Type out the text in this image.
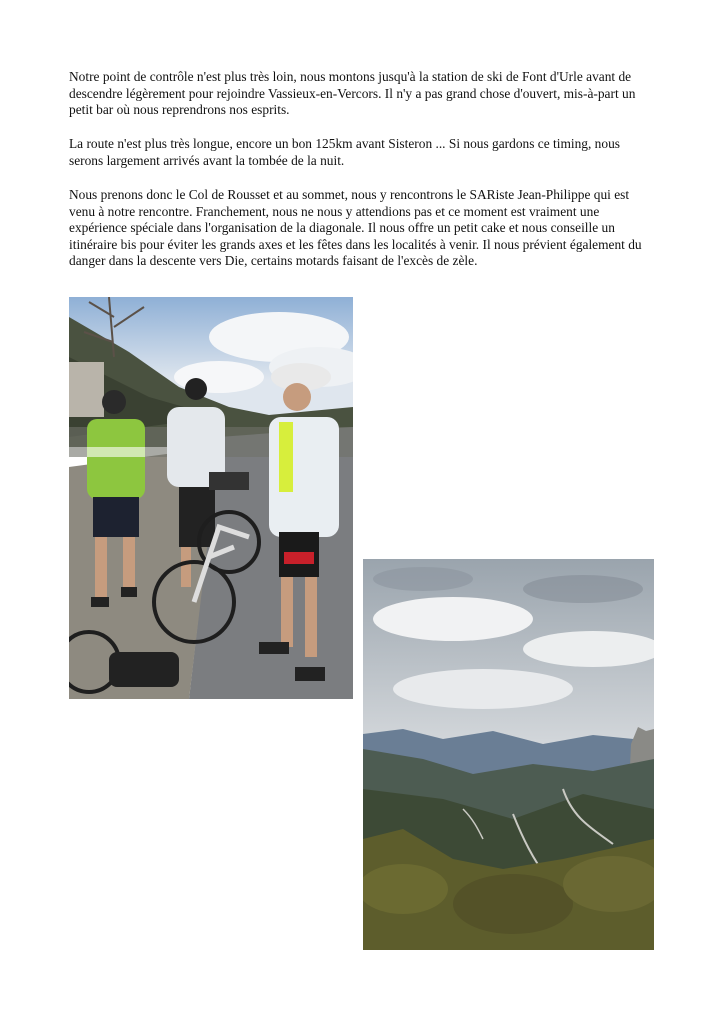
Notre point de contrôle n'est plus très loin, nous montons jusqu'à la station de ski de Font d'Urle avant de descendre légèrement pour rejoindre Vassieux-en-Vercors. Il n'y a pas grand chose d'ouvert, mis-à-part un petit bar où nous reprendrons nos esprits.
La route n'est plus très longue, encore un bon 125km avant Sisteron ... Si nous gardons ce timing, nous serons largement arrivés avant la tombée de la nuit.
Nous prenons donc le Col de Rousset et au sommet, nous y rencontrons le SARiste Jean-Philippe qui est venu à notre rencontre. Franchement, nous ne nous y attendions pas et ce moment est vraiment une expérience spéciale dans l'organisation de la diagonale. Il nous offre un petit cake et nous conseille un itinéraire bis pour éviter les grands axes et les fêtes dans les localités à venir. Il nous prévient également du danger dans la descente vers Die, certains motards faisant de l'excès de zèle.
